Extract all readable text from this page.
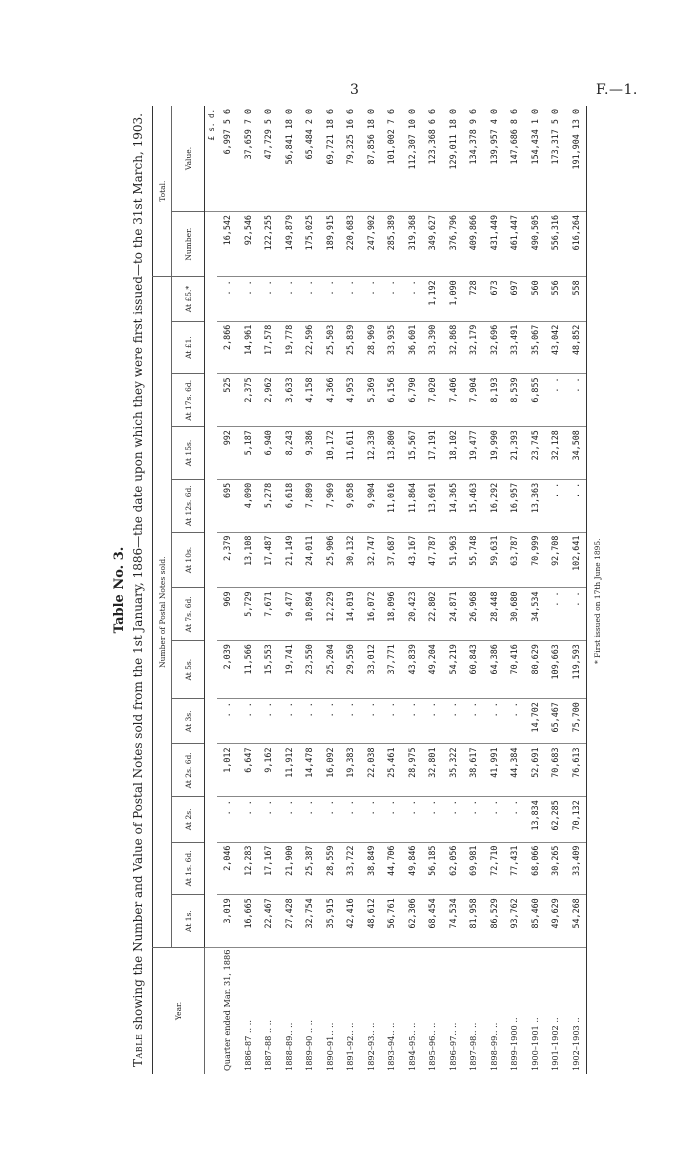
3	F.—1.
Table No. 3.
Table showing the Number and Value of Postal Notes sold from the 1st January, 1886—the date upon which they were first issued—to the 31st March, 1903.	Year.	Number of Postal Notes sold.													Total.	
	At 1s.	At 1s. 6d.	At 2s.	At 2s. 6d.	At 3s.	At 5s.	At 7s. 6d.	At 10s.	At 12s. 6d.	At 15s.	At 17s. 6d.	At £1.	At £5.*	Number.	Value.
															£ s. d.
Quarter ended Mar. 31, 1886	3,019	2,046	. .	1,012	. .	2,039	969	2,379	695	992	525	2,866	. .	16,542	6,997 5 6
1886–87 .. ..	16,665	12,283	. .	6,647	. .	11,566	5,729	13,108	4,090	5,187	2,375	14,961	. .	92,546	37,659 7 0
1887–88 .. ..	22,467	17,167	. .	9,162	. .	15,553	7,671	17,487	5,278	6,940	2,962	17,578	. .	122,255	47,729 5 0
1888–89.. ..	27,428	21,900	. .	11,912	. .	19,741	9,477	21,149	6,618	8,243	3,633	19,778	. .	149,879	56,841 18 0
1889–90 .. ..	32,754	25,387	. .	14,478	. .	23,550	10,894	24,011	7,809	9,386	4,158	22,596	. .	175,025	65,484 2 0
1890–91.. ..	35,915	28,559	. .	16,092	. .	25,204	12,229	25,906	7,969	10,172	4,366	25,503	. .	189,915	69,721 18 6
1891–92.. ..	42,416	33,722	. .	19,383	. .	29,550	14,019	30,132	9,058	11,611	4,953	25,839	. .	220,683	79,325 16 6
1892–93.. ..	48,612	38,849	. .	22,038	. .	33,012	16,072	32,747	9,904	12,330	5,369	28,969	. .	247,902	87,856 18 0
1893–94.. ..	56,761	44,706	. .	25,461	. .	37,771	18,096	37,687	11,016	13,800	6,156	33,935	. .	285,389	101,002 7 6
1894–95.. ..	62,306	49,846	. .	28,975	. .	43,839	20,423	43,167	11,864	15,567	6,790	36,601	. .	319,368	112,307 10 0
1895–96.. ..	68,454	56,185	. .	32,801	. .	49,204	22,802	47,787	13,691	17,191	7,020	33,390	1,192	349,627	123,368 6 6
1896–97.. ..	74,534	62,056	. .	35,322	. .	54,219	24,871	51,963	14,365	18,102	7,406	32,868	1,090	376,796	129,011 18 0
1897–98.. ..	81,958	69,981	. .	38,617	. .	60,843	26,968	55,748	15,463	19,477	7,904	32,179	728	409,866	134,378 9 6
1898–99.. ..	86,529	72,710	. .	41,991	. .	64,386	28,448	59,631	16,292	19,990	8,193	32,696	673	431,449	139,957 4 0
1899–1900 ..	93,762	77,431	. .	44,384	. .	70,416	30,680	63,787	16,957	21,393	8,539	33,491	697	461,447	147,686 8 6
1900–1901 ..	85,460	68,066	13,834	52,691	14,702	80,629	34,534	70,999	13,363	23,745	6,855	35,067	560	490,505	154,434 1 0
1901–1902 ..	49,629	30,265	62,285	70,683	65,467	109,663	. .	92,708	. .	32,128	. .	43,042	556	556,316	173,317 5 0
1902–1903 ..	54,268	33,409	70,132	76,613	75,700	119,593	. .	102,641	. .	34,508	. .	48,852	558	616,264	191,904 13 0
* First issued on 17th June 1895.
